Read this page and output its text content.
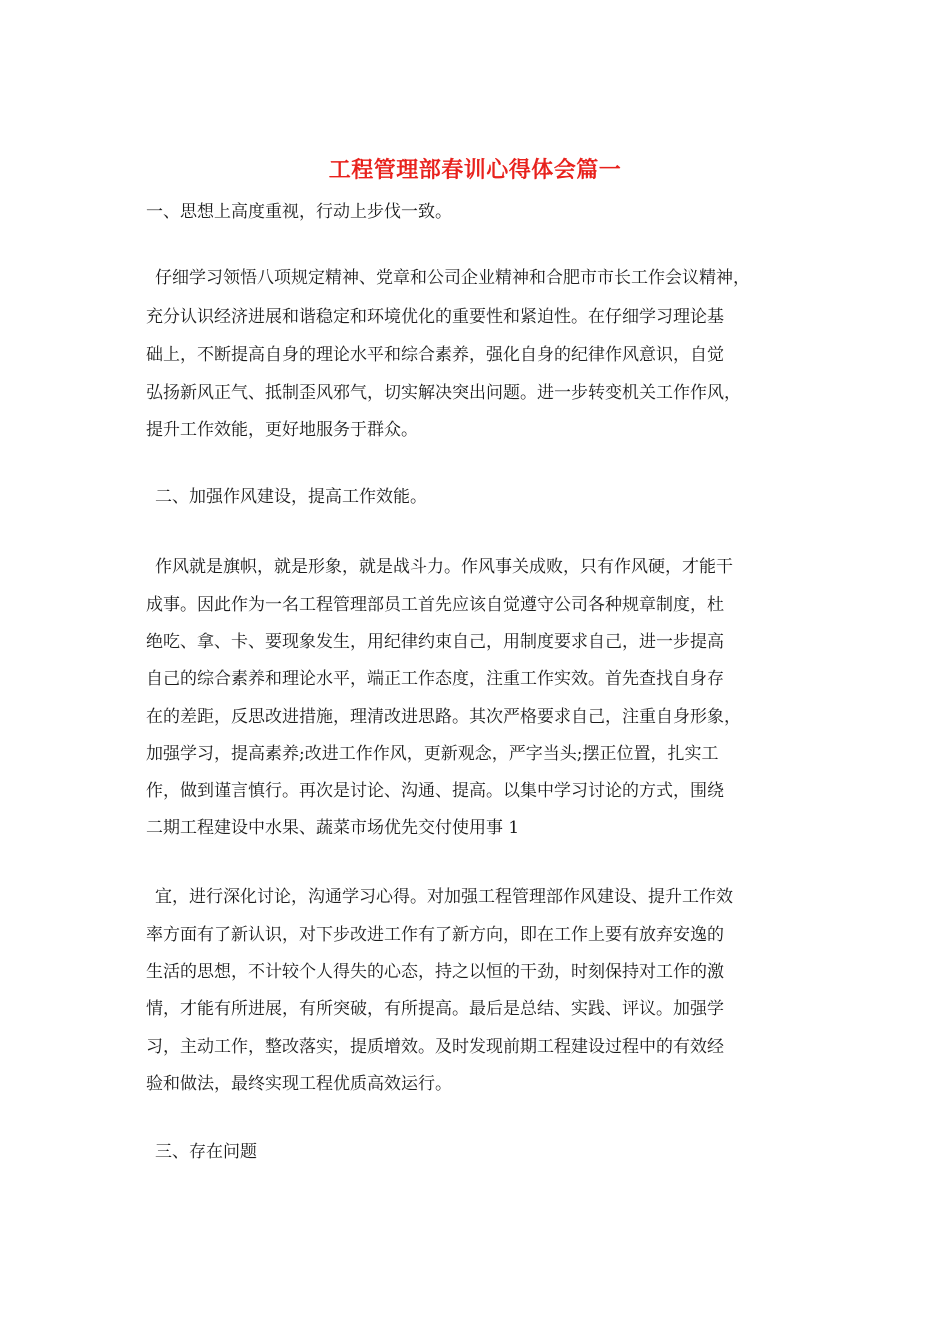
工程管理部春训心得体会篇一
一、思想上高度重视，行动上步伐一致。
仔细学习领悟八项规定精神、党章和公司企业精神和合肥市市长工作会议精神，
充分认识经济进展和谐稳定和环境优化的重要性和紧迫性。在仔细学习理论基
础上，不断提高自身的理论水平和综合素养，强化自身的纪律作风意识，自觉
弘扬新风正气、抵制歪风邪气，切实解决突出问题。进一步转变机关工作作风，
提升工作效能，更好地服务于群众。
二、加强作风建设，提高工作效能。
作风就是旗帜，就是形象，就是战斗力。作风事关成败，只有作风硬，才能干
成事。因此作为一名工程管理部员工首先应该自觉遵守公司各种规章制度，杜
绝吃、拿、卡、要现象发生，用纪律约束自己，用制度要求自己，进一步提高
自己的综合素养和理论水平，端正工作态度，注重工作实效。首先查找自身存
在的差距，反思改进措施，理清改进思路。其次严格要求自己，注重自身形象，
加强学习，提高素养;改进工作作风，更新观念，严字当头;摆正位置，扎实工
作，做到谨言慎行。再次是讨论、沟通、提高。以集中学习讨论的方式，围绕
二期工程建设中水果、蔬菜市场优先交付使用事 1
宜，进行深化讨论，沟通学习心得。对加强工程管理部作风建设、提升工作效
率方面有了新认识，对下步改进工作有了新方向，即在工作上要有放弃安逸的
生活的思想，不计较个人得失的心态，持之以恒的干劲，时刻保持对工作的激
情，才能有所进展，有所突破，有所提高。最后是总结、实践、评议。加强学
习，主动工作，整改落实，提质增效。及时发现前期工程建设过程中的有效经
验和做法，最终实现工程优质高效运行。
三、存在问题
